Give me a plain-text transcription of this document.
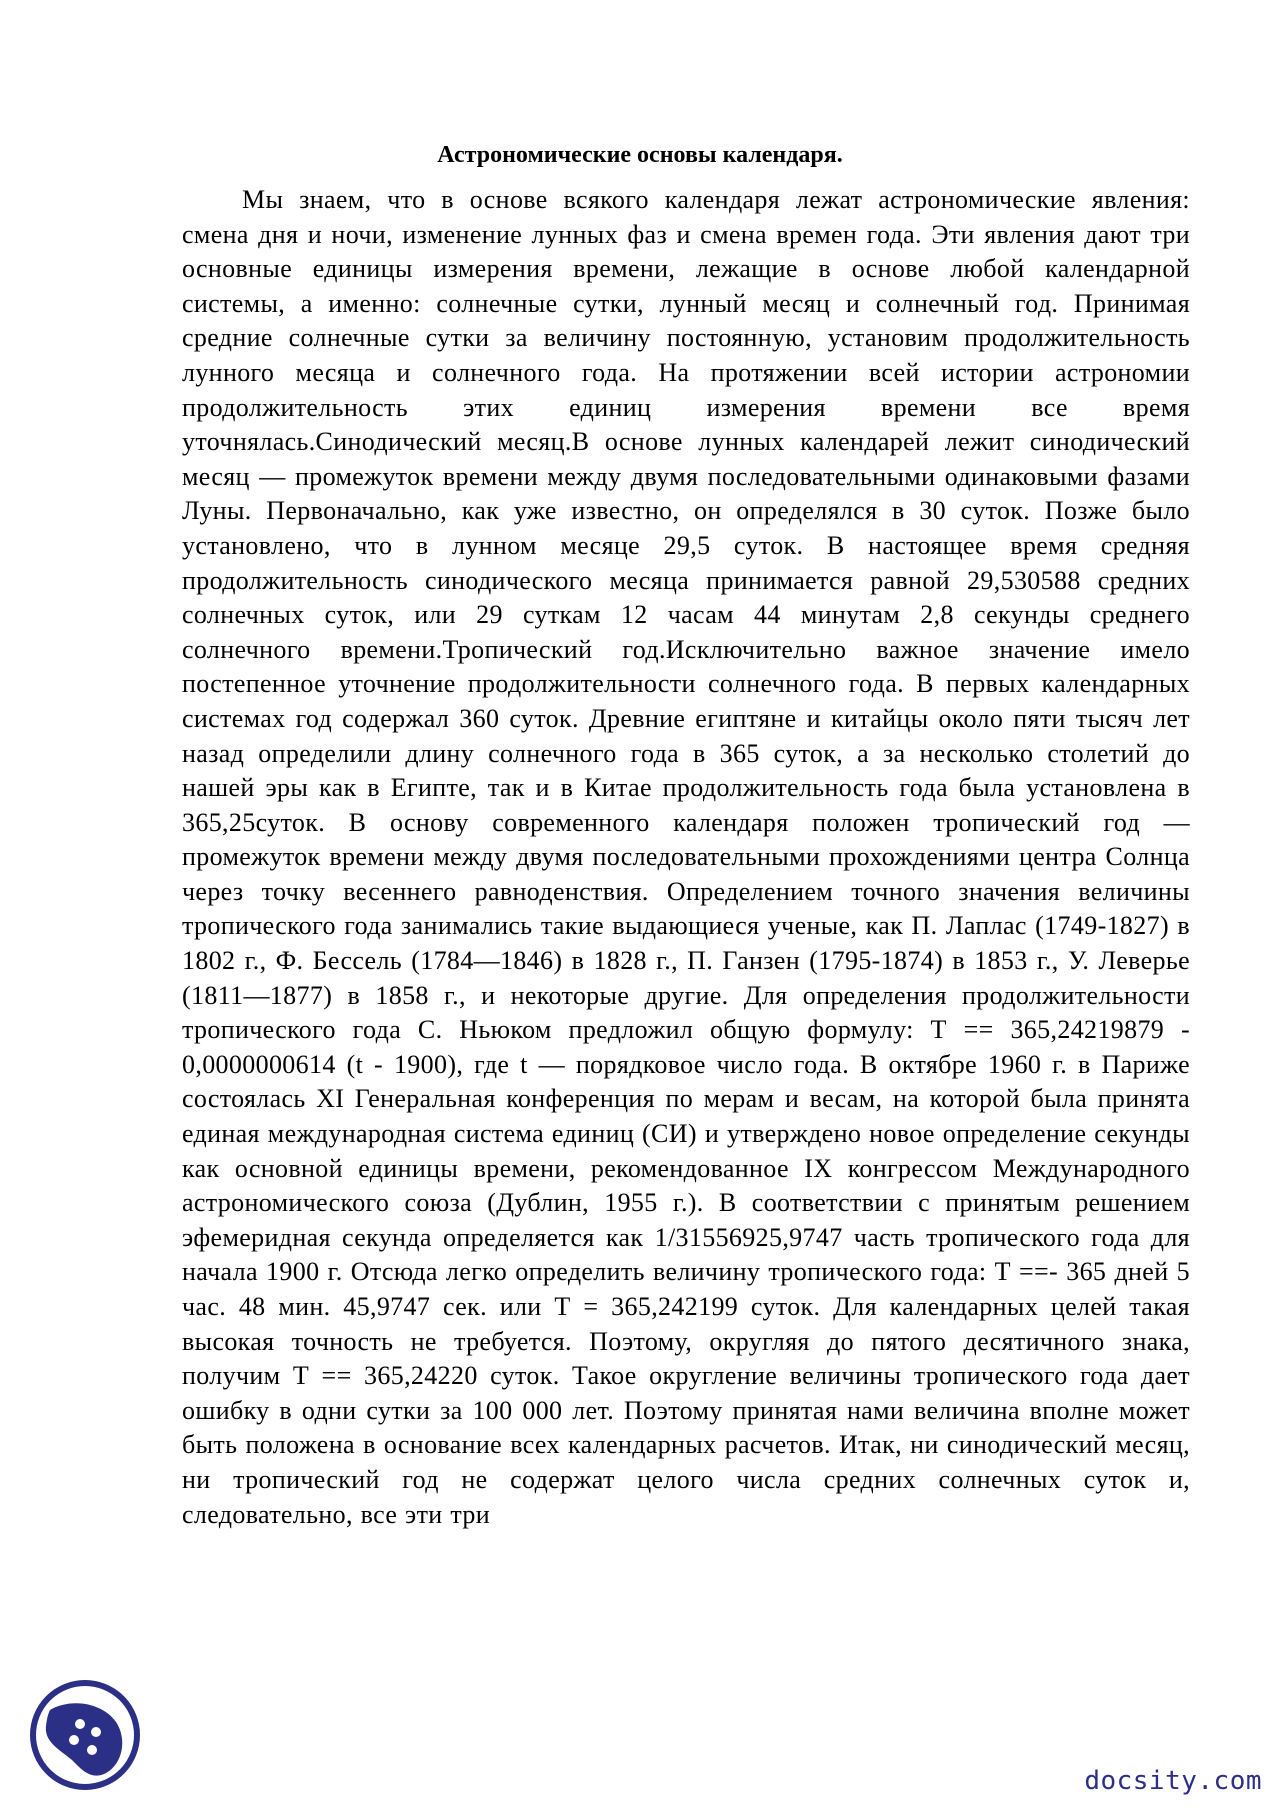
Астрономические основы календаря.

Мы знаем, что в основе всякого календаря лежат астрономические явления: смена дня и ночи, изменение лунных фаз и смена времен года. Эти явления дают три основные единицы измерения времени, лежащие в основе любой календарной системы, а именно: солнечные сутки, лунный месяц и солнечный год. Принимая средние солнечные сутки за величину постоянную, установим продолжительность лунного месяца и солнечного года. На протяжении всей истории астрономии продолжительность этих единиц измерения времени все время уточнялась.Синодический месяц.В основе лунных календарей лежит синодический месяц — промежуток времени между двумя последовательными одинаковыми фазами Луны. Первоначально, как уже известно, он определялся в 30 суток. Позже было установлено, что в лунном месяце 29,5 суток. В настоящее время средняя продолжительность синодического месяца принимается равной 29,530588 средних солнечных суток, или 29 суткам 12 часам 44 минутам 2,8 секунды среднего солнечного времени.Тропический год.Исключительно важное значение имело постепенное уточнение продолжительности солнечного года. В первых календарных системах год содержал 360 суток. Древние египтяне и китайцы около пяти тысяч лет назад определили длину солнечного года в 365 суток, а за несколько столетий до нашей эры как в Египте, так и в Китае продолжительность года была установлена в 365,25суток. В основу современного календаря положен тропический год — промежуток времени между двумя последовательными прохождениями центра Солнца через точку весеннего равноденствия. Определением точного значения величины тропического года занимались такие выдающиеся ученые, как П. Лаплас (1749-1827) в 1802 г., Ф. Бессель (1784—1846) в 1828 г., П. Ганзен (1795-1874) в 1853 г., У. Леверье (1811—1877) в 1858 г., и некоторые другие. Для определения продолжительности тропического года С. Ньюком предложил общую формулу: Т == 365,24219879 - 0,0000000614 (t - 1900), где t — порядковое число года. В октябре 1960 г. в Париже состоялась XI Генеральная конференция по мерам и весам, на которой была принята единая международная система единиц (СИ) и утверждено новое определение секунды как основной единицы времени, рекомендованное IX конгрессом Международного астрономического союза (Дублин, 1955 г.). В соответствии с принятым решением эфемеридная секунда определяется как 1/31556925,9747 часть тропического года для начала 1900 г. Отсюда легко определить величину тропического года: Т ==- 365 дней 5 час. 48 мин. 45,9747 сек. или Т = 365,242199 суток. Для календарных целей такая высокая точность не требуется. Поэтому, округляя до пятого десятичного знака, получим Т == 365,24220 суток. Такое округление величины тропического года дает ошибку в одни сутки за 100 000 лет. Поэтому принятая нами величина вполне может быть положена в основание всех календарных расчетов. Итак, ни синодический месяц, ни тропический год не содержат целого числа средних солнечных суток и, следовательно, все эти три

docsity.com
